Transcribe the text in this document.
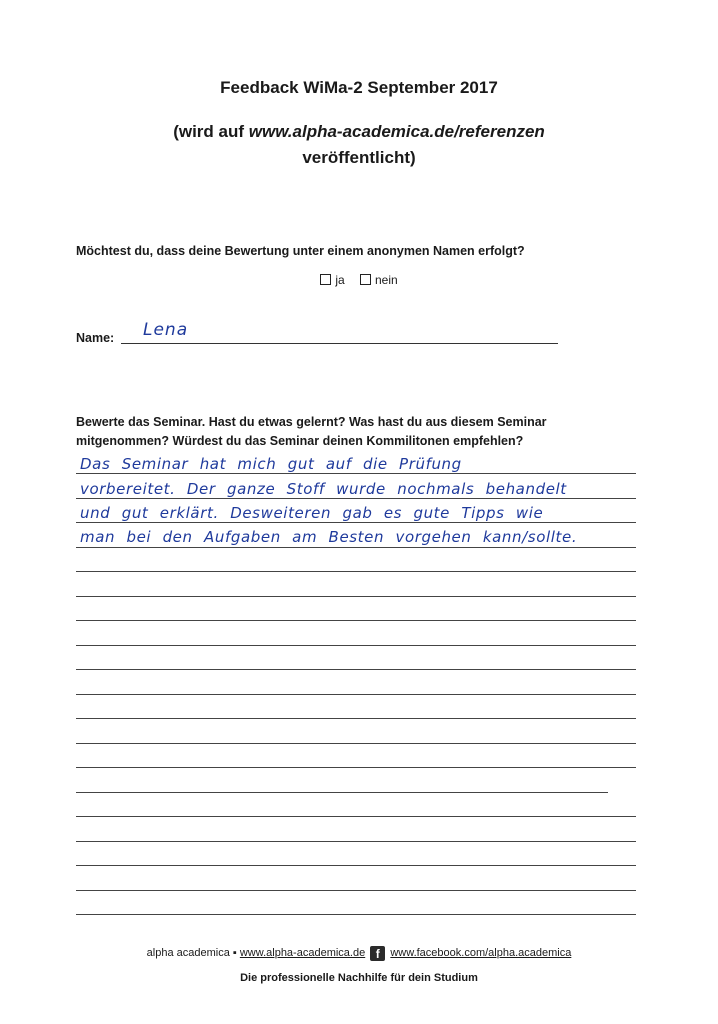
Feedback WiMa-2 September 2017
(wird auf www.alpha-academica.de/referenzen
veröffentlicht)
Möchtest du, dass deine Bewertung unter einem anonymen Namen erfolgt?
ja	nein
Name: Lena
Bewerte das Seminar. Hast du etwas gelernt? Was hast du aus diesem Seminar mitgenommen? Würdest du das Seminar deinen Kommilitonen empfehlen?
Das Seminar hat mich gut auf die Prüfung
vorbereitet. Der ganze Stoff wurde nochmals behandelt
und gut erklärt. Desweiteren gab es gute Tipps wie
man bei den Aufgaben am Besten vorgehen kann/sollte.
alpha academica ▪ www.alpha-academica.de f www.facebook.com/alpha.academica
Die professionelle Nachhilfe für dein Studium
